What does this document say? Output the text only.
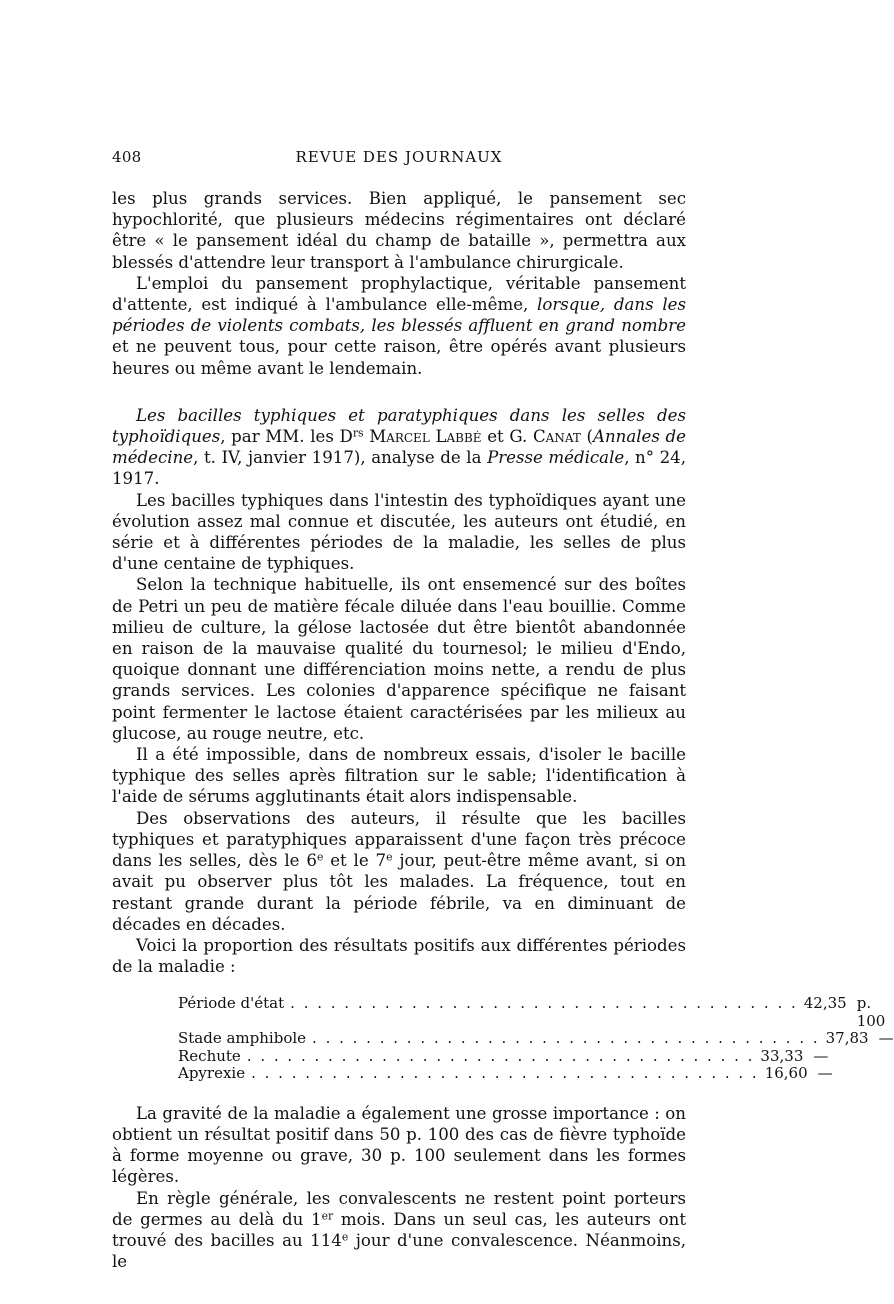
408	REVUE DES JOURNAUX

les plus grands services. Bien appliqué, le pansement sec hypochlorité, que plusieurs médecins régimentaires ont déclaré être « le pansement idéal du champ de bataille », permettra aux blessés d'attendre leur transport à l'ambulance chirurgicale.

L'emploi du pansement prophylactique, véritable pansement d'attente, est indiqué à l'ambulance elle-même, lorsque, dans les périodes de violents combats, les blessés affluent en grand nombre et ne peuvent tous, pour cette raison, être opérés avant plusieurs heures ou même avant le lendemain.

Les bacilles typhiques et paratyphiques dans les selles des typhoïdiques, par MM. les $D^{rs}$ Marcel Labbé et G. Canat (Annales de médecine, t. IV, janvier 1917), analyse de la Presse médicale, n° 24, 1917.

Les bacilles typhiques dans l'intestin des typhoïdiques ayant une évolution assez mal connue et discutée, les auteurs ont étudié, en série et à différentes périodes de la maladie, les selles de plus d'une centaine de typhiques.

Selon la technique habituelle, ils ont ensemencé sur des boîtes de Petri un peu de matière fécale diluée dans l'eau bouillie. Comme milieu de culture, la gélose lactosée dut être bientôt abandonnée en raison de la mauvaise qualité du tournesol; le milieu d'Endo, quoique donnant une différenciation moins nette, a rendu de plus grands services. Les colonies d'apparence spécifique ne faisant point fermenter le lactose étaient caractérisées par les milieux au glucose, au rouge neutre, etc.

Il a été impossible, dans de nombreux essais, d'isoler le bacille typhique des selles après filtration sur le sable; l'identification à l'aide de sérums agglutinants était alors indispensable.

Des observations des auteurs, il résulte que les bacilles typhiques et paratyphiques apparaissent d'une façon très précoce dans les selles, dès le 6e et le 7e jour, peut-être même avant, si on avait pu observer plus tôt les malades. La fréquence, tout en restant grande durant la période fébrile, va en diminuant de décades en décades.

Voici la proportion des résultats positifs aux différentes périodes de la maladie :

Période d'état . . . . . . . . . . . . . . . . . . . . . . . . . . . . . . . . . . . . . . 42,35 p. 100
Stade amphibole . . . . . . . . . . . . . . . . . . . . . . . . . . . . . . . . . . . . . . 37,83 —
Rechute . . . . . . . . . . . . . . . . . . . . . . . . . . . . . . . . . . . . . . 33,33 —
Apyrexie . . . . . . . . . . . . . . . . . . . . . . . . . . . . . . . . . . . . . . 16,60 —

La gravité de la maladie a également une grosse importance : on obtient un résultat positif dans 50 p. 100 des cas de fièvre typhoïde à forme moyenne ou grave, 30 p. 100 seulement dans les formes légères.

En règle générale, les convalescents ne restent point porteurs de germes au delà du 1er mois. Dans un seul cas, les auteurs ont trouvé des bacilles au 114e jour d'une convalescence. Néanmoins, le
